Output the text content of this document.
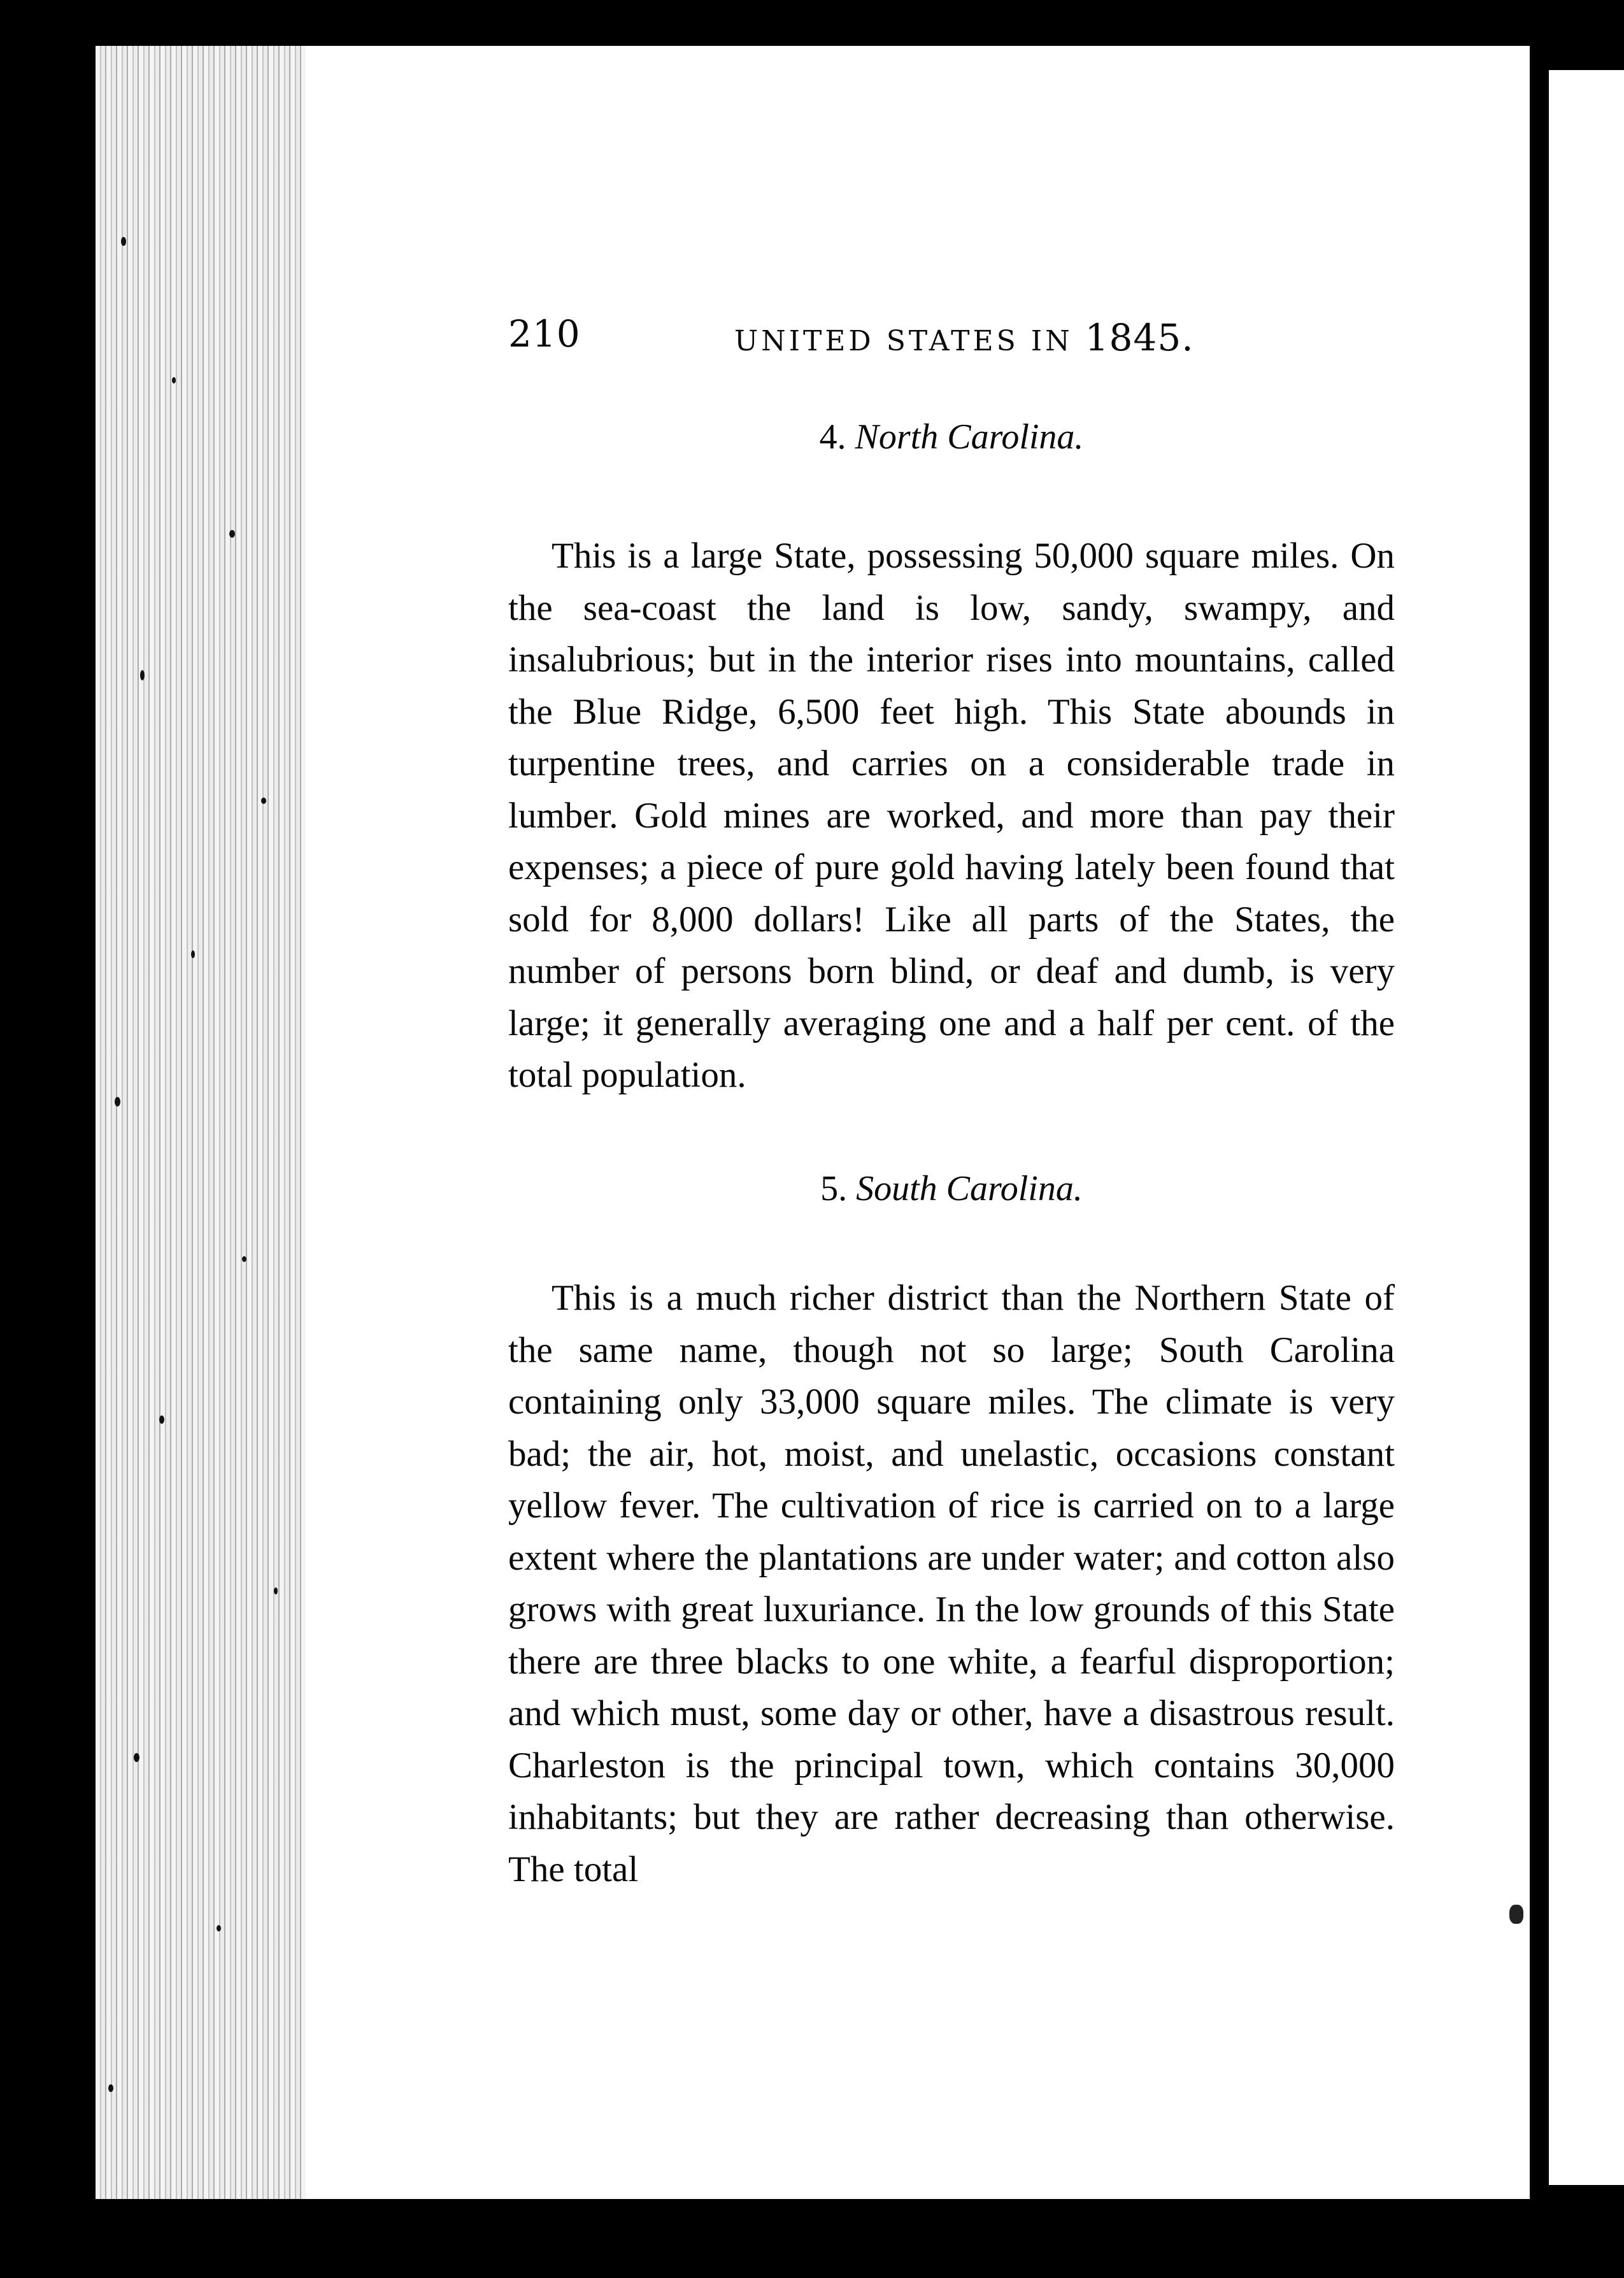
210	UNITED STATES IN 1845.
4. North Carolina.

This is a large State, possessing 50,000 square miles. On the sea-coast the land is low, sandy, swampy, and insalubrious; but in the interior rises into mountains, called the Blue Ridge, 6,500 feet high. This State abounds in turpentine trees, and carries on a considerable trade in lumber. Gold mines are worked, and more than pay their expenses; a piece of pure gold having lately been found that sold for 8,000 dollars! Like all parts of the States, the number of persons born blind, or deaf and dumb, is very large; it generally averaging one and a half per cent. of the total population.

5. South Carolina.

This is a much richer district than the Northern State of the same name, though not so large; South Carolina containing only 33,000 square miles. The climate is very bad; the air, hot, moist, and unelastic, occasions constant yellow fever. The cultivation of rice is carried on to a large extent where the plantations are under water; and cotton also grows with great luxuriance. In the low grounds of this State there are three blacks to one white, a fearful disproportion; and which must, some day or other, have a disastrous result. Charleston is the principal town, which contains 30,000 inhabitants; but they are rather decreasing than otherwise. The total
